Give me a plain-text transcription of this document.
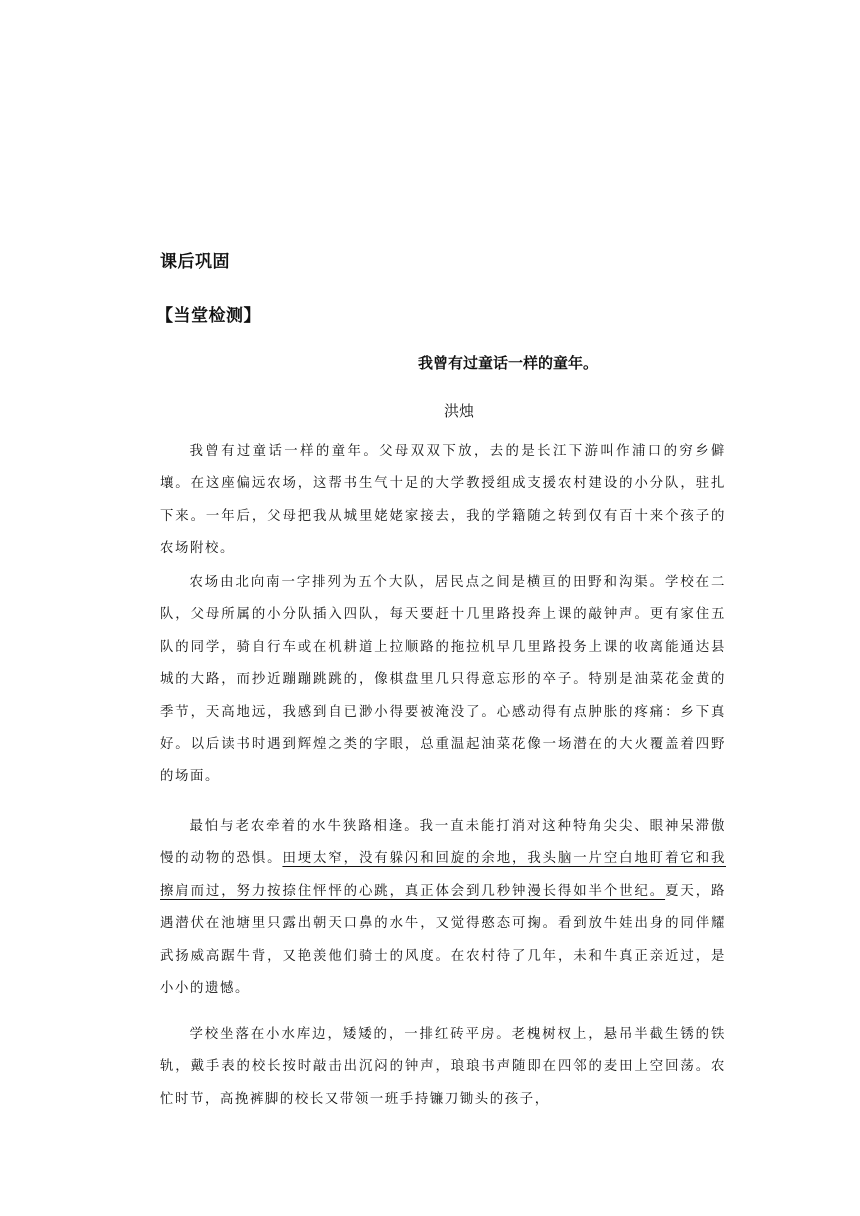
课后巩固
【当堂检测】
我曾有过童话一样的童年。
洪烛

我曾有过童话一样的童年。父母双双下放，去的是长江下游叫作浦口的穷乡僻壤。在这座偏远农场，这帮书生气十足的大学教授组成支援农村建设的小分队，驻扎下来。一年后，父母把我从城里姥姥家接去，我的学籍随之转到仅有百十来个孩子的农场附校。

农场由北向南一字排列为五个大队，居民点之间是横亘的田野和沟渠。学校在二队，父母所属的小分队插入四队，每天要赶十几里路投奔上课的敲钟声。更有家住五队的同学，骑自行车或在机耕道上拉顺路的拖拉机早几里路投务上课的收离能通达县城的大路，而抄近蹦蹦跳跳的，像棋盘里几只得意忘形的卒子。特别是油菜花金黄的季节，天高地远，我感到自已渺小得要被淹没了。心感动得有点肿胀的疼痛：乡下真好。以后读书时遇到辉煌之类的字眼，总重温起油菜花像一场潜在的大火覆盖着四野的场面。

最怕与老农牵着的水牛狭路相逢。我一直未能打消对这种特角尖尖、眼神呆滞傲慢的动物的恐惧。田埂太窄，没有躲闪和回旋的余地，我头脑一片空白地盯着它和我擦肩而过，努力按捺住怦怦的心跳，真正体会到几秒钟漫长得如半个世纪。夏天，路遇潜伏在池塘里只露出朝天口鼻的水牛，又觉得憨态可掬。看到放牛娃出身的同伴耀武扬威高踞牛背，又艳羡他们骑士的风度。在农村待了几年，未和牛真正亲近过，是小小的遗憾。

学校坐落在小水库边，矮矮的，一排红砖平房。老槐树杈上，悬吊半截生锈的铁轨，戴手表的校长按时敲击出沉闷的钟声，琅琅书声随即在四邻的麦田上空回荡。农忙时节，高挽裤脚的校长又带领一班手持镰刀锄头的孩子，
